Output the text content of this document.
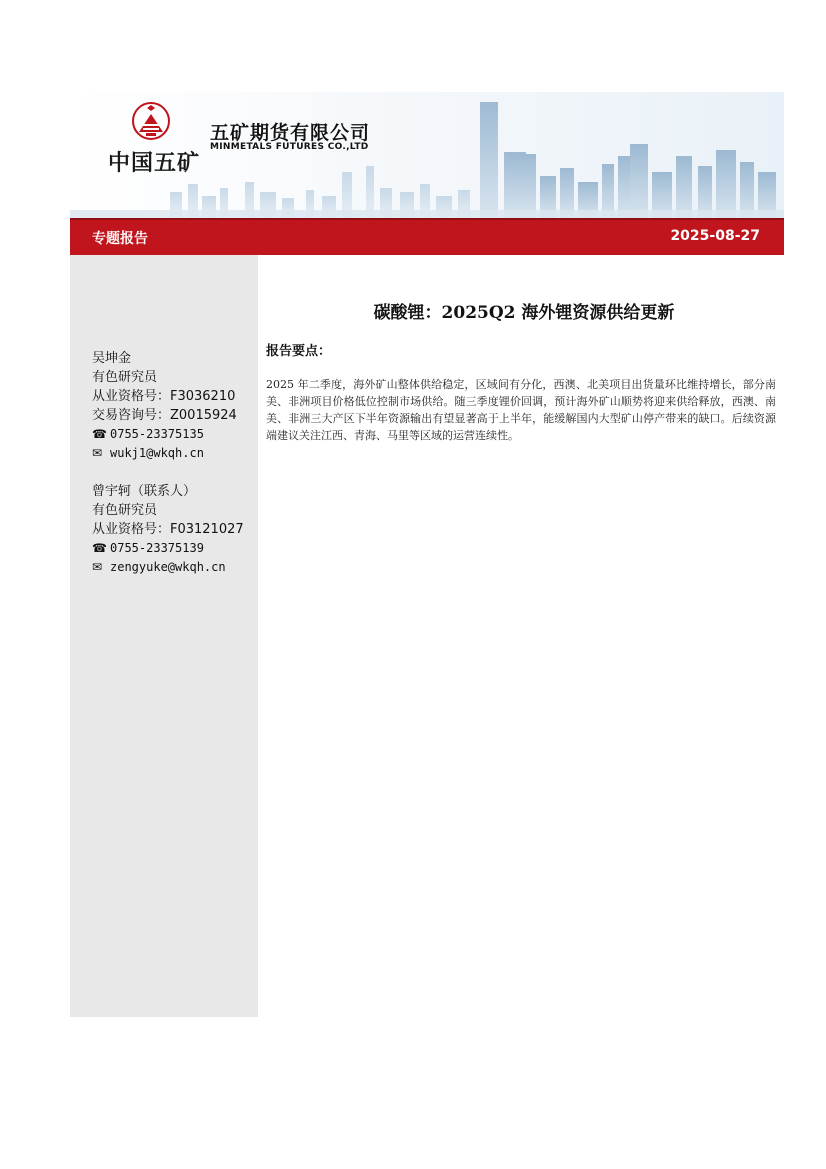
中国五矿
五矿期货有限公司
MINMETALS FUTURES CO.,LTD
专题报告	2025-08-27
吴坤金
有色研究员
从业资格号：F3036210
交易咨询号：Z0015924
☎ 0755-23375135
✉ wukj1@wkqh.cn
曾宇轲（联系人）
有色研究员
从业资格号：F03121027
☎ 0755-23375139
✉ zengyuke@wkqh.cn
碳酸锂：2025Q2 海外锂资源供给更新
报告要点：
2025 年二季度，海外矿山整体供给稳定，区域间有分化，西澳、北美项目出货量环比维持增长，部分南美、非洲项目价格低位控制市场供给。随三季度锂价回调，预计海外矿山顺势将迎来供给释放，西澳、南美、非洲三大产区下半年资源输出有望显著高于上半年，能缓解国内大型矿山停产带来的缺口。后续资源端建议关注江西、青海、马里等区域的运营连续性。
